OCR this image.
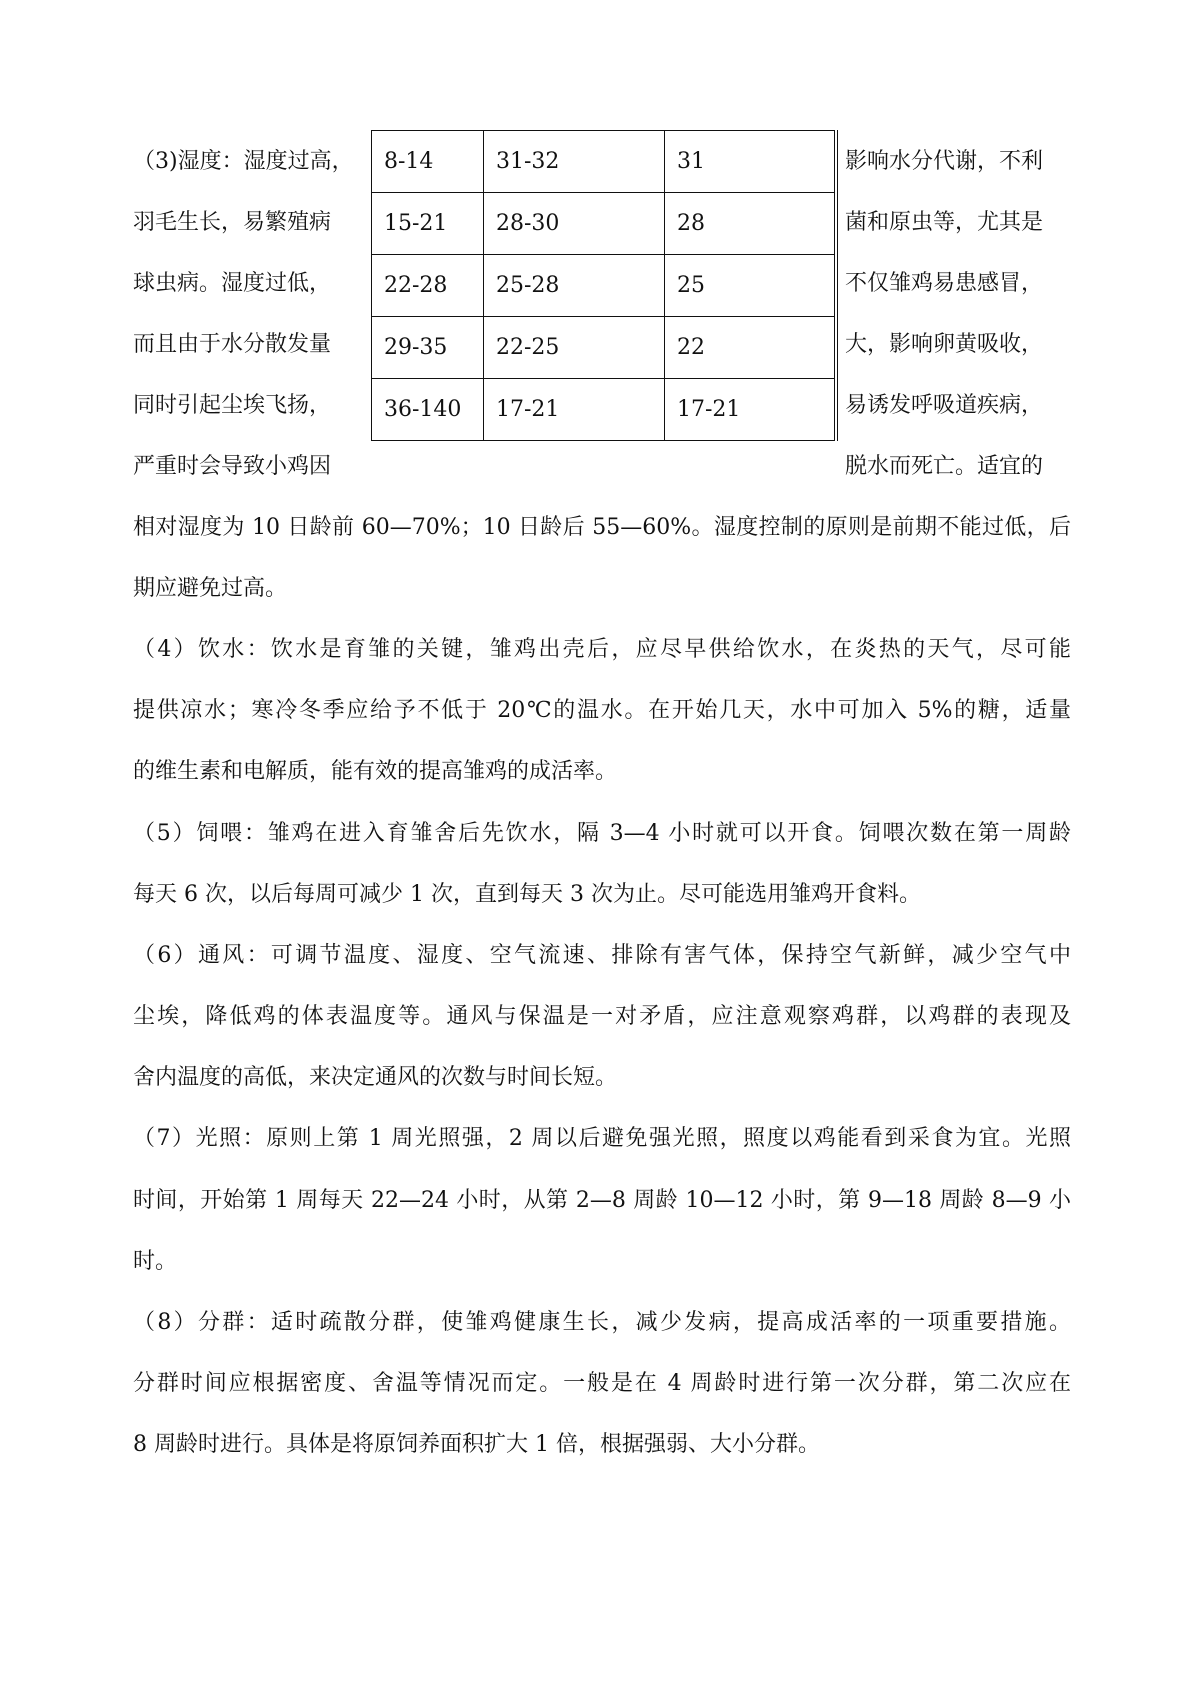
（3)湿度：湿度过高，
羽毛生长，易繁殖病
球虫病。湿度过低，
而且由于水分散发量
同时引起尘埃飞扬，
严重时会导致小鸡因
影响水分代谢，不利
菌和原虫等，尤其是
不仅雏鸡易患感冒，
大，影响卵黄吸收，
易诱发呼吸道疾病，
脱水而死亡。适宜的
8-14	31-32	31
15-21	28-30	28
22-28	25-28	25
29-35	22-25	22
36-140	17-21	17-21
相对湿度为 10 日龄前 60—70%；10 日龄后 55—60%。湿度控制的原则是前期不能过低，后
期应避免过高。
（4）饮水：饮水是育雏的关键，雏鸡出壳后，应尽早供给饮水，在炎热的天气，尽可能
提供凉水；寒冷冬季应给予不低于 20℃的温水。在开始几天，水中可加入 5%的糖，适量
的维生素和电解质，能有效的提高雏鸡的成活率。
（5）饲喂：雏鸡在进入育雏舍后先饮水，隔 3—4 小时就可以开食。饲喂次数在第一周龄
每天 6 次，以后每周可减少 1 次，直到每天 3 次为止。尽可能选用雏鸡开食料。
（6）通风：可调节温度、湿度、空气流速、排除有害气体，保持空气新鲜，减少空气中
尘埃，降低鸡的体表温度等。通风与保温是一对矛盾，应注意观察鸡群，以鸡群的表现及
舍内温度的高低，来决定通风的次数与时间长短。
（7）光照：原则上第 1 周光照强，2 周以后避免强光照，照度以鸡能看到采食为宜。光照
时间，开始第 1 周每天 22—24 小时，从第 2—8 周龄 10—12 小时，第 9—18 周龄 8—9 小
时。
（8）分群：适时疏散分群，使雏鸡健康生长，减少发病，提高成活率的一项重要措施。
分群时间应根据密度、舍温等情况而定。一般是在 4 周龄时进行第一次分群，第二次应在
8 周龄时进行。具体是将原饲养面积扩大 1 倍，根据强弱、大小分群。
